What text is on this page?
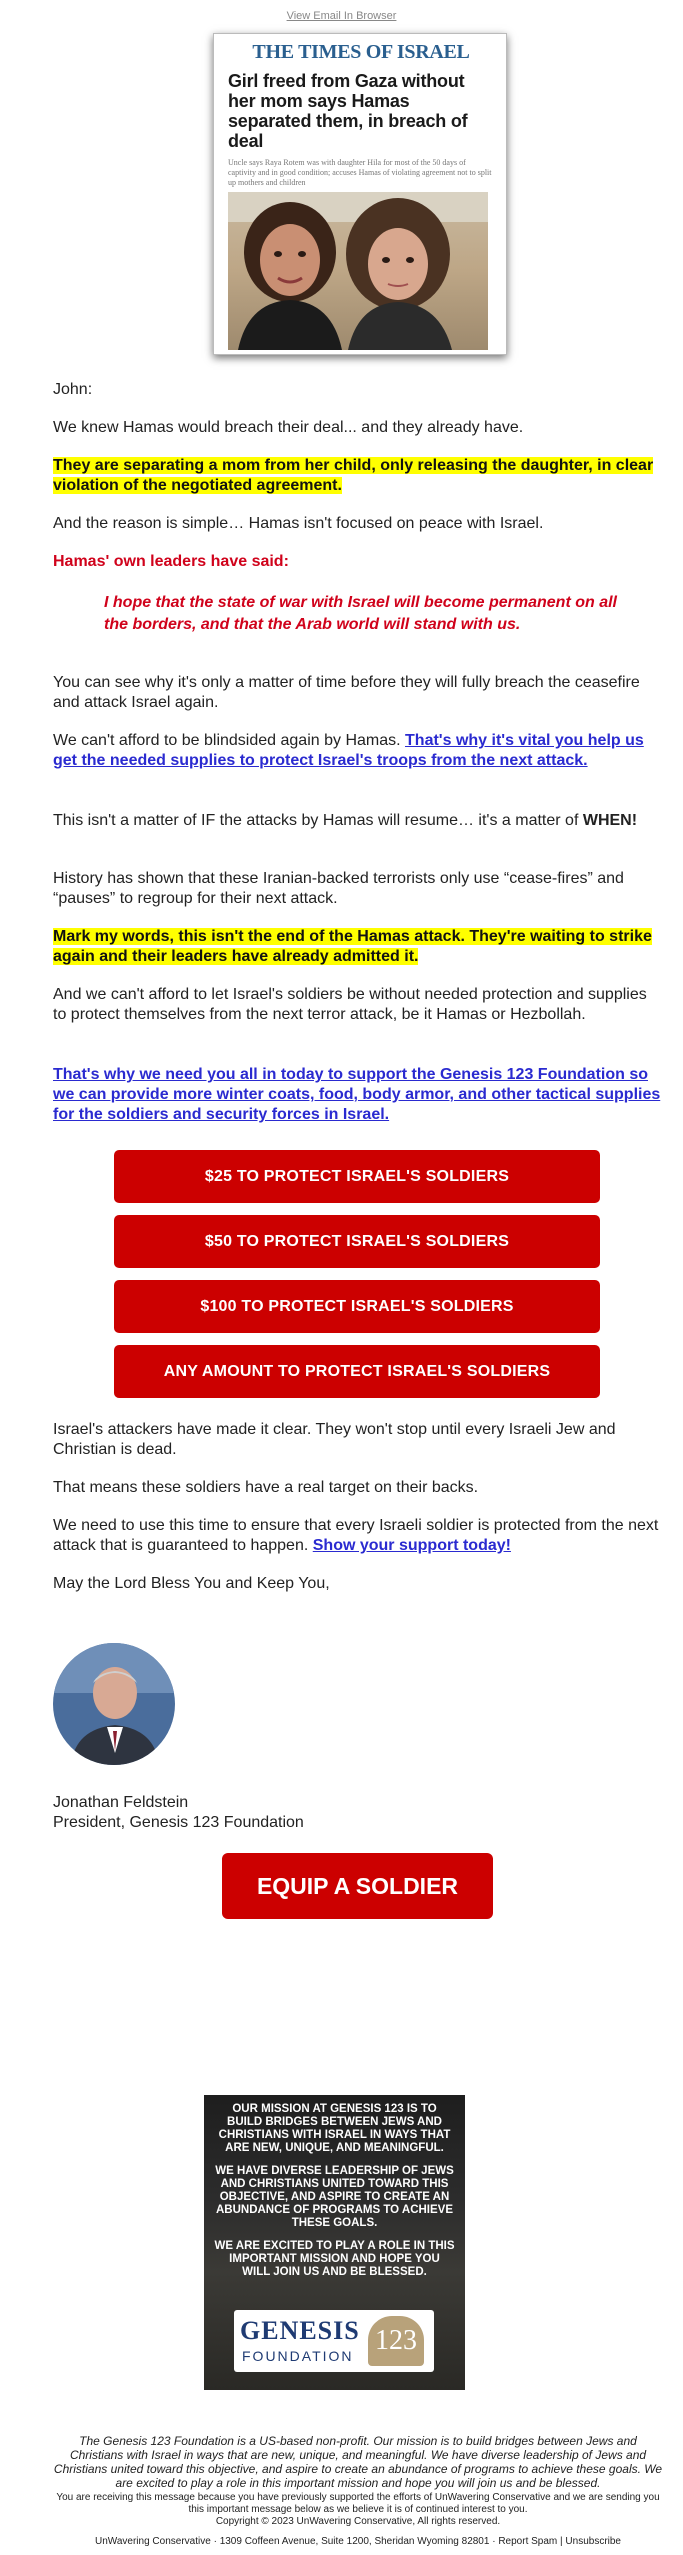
View Email In Browser
THE TIMES OF ISRAEL
Girl freed from Gaza without her mom says Hamas separated them, in breach of deal
Uncle says Raya Rotem was with daughter Hila for most of the 50 days of captivity and in good condition; accuses Hamas of violating agreement not to split up mothers and children
John:
We knew Hamas would breach their deal... and they already have.
They are separating a mom from her child, only releasing the daughter, in clear violation of the negotiated agreement.
And the reason is simple… Hamas isn't focused on peace with Israel.
Hamas' own leaders have said:
I hope that the state of war with Israel will become permanent on all the borders, and that the Arab world will stand with us.
You can see why it's only a matter of time before they will fully breach the ceasefire and attack Israel again.
We can't afford to be blindsided again by Hamas. That's why it's vital you help us get the needed supplies to protect Israel's troops from the next attack.
This isn't a matter of IF the attacks by Hamas will resume… it's a matter of WHEN!
History has shown that these Iranian-backed terrorists only use “cease-fires” and “pauses” to regroup for their next attack.
Mark my words, this isn't the end of the Hamas attack. They're waiting to strike again and their leaders have already admitted it.
And we can't afford to let Israel's soldiers be without needed protection and supplies to protect themselves from the next terror attack, be it Hamas or Hezbollah.
That's why we need you all in today to support the Genesis 123 Foundation so we can provide more winter coats, food, body armor, and other tactical supplies for the soldiers and security forces in Israel.
$25 TO PROTECT ISRAEL'S SOLDIERS
$50 TO PROTECT ISRAEL'S SOLDIERS
$100 TO PROTECT ISRAEL'S SOLDIERS
ANY AMOUNT TO PROTECT ISRAEL'S SOLDIERS
Israel's attackers have made it clear. They won't stop until every Israeli Jew and Christian is dead.
That means these soldiers have a real target on their backs.
We need to use this time to ensure that every Israeli soldier is protected from the next attack that is guaranteed to happen. Show your support today!
May the Lord Bless You and Keep You,
Jonathan Feldstein
President, Genesis 123 Foundation
EQUIP A SOLDIER

OUR MISSION AT GENESIS 123 IS TO BUILD BRIDGES BETWEEN JEWS AND CHRISTIANS WITH ISRAEL IN WAYS THAT ARE NEW, UNIQUE, AND MEANINGFUL.

WE HAVE DIVERSE LEADERSHIP OF JEWS AND CHRISTIANS UNITED TOWARD THIS OBJECTIVE, AND ASPIRE TO CREATE AN ABUNDANCE OF PROGRAMS TO ACHIEVE THESE GOALS.

WE ARE EXCITED TO PLAY A ROLE IN THIS IMPORTANT MISSION AND HOPE YOU WILL JOIN US AND BE BLESSED.

GENESIS
FOUNDATION 123
The Genesis 123 Foundation is a US-based non-profit. Our mission is to build bridges between Jews and Christians with Israel in ways that are new, unique, and meaningful. We have diverse leadership of Jews and Christians united toward this objective, and aspire to create an abundance of programs to achieve these goals. We are excited to play a role in this important mission and hope you will join us and be blessed.
You are receiving this message because you have previously supported the efforts of UnWavering Conservative and we are sending you this important message below as we believe it is of continued interest to you.
Copyright © 2023 UnWavering Conservative, All rights reserved.
UnWavering Conservative · 1309 Coffeen Avenue, Suite 1200, Sheridan Wyoming 82801 · Report Spam | Unsubscribe
